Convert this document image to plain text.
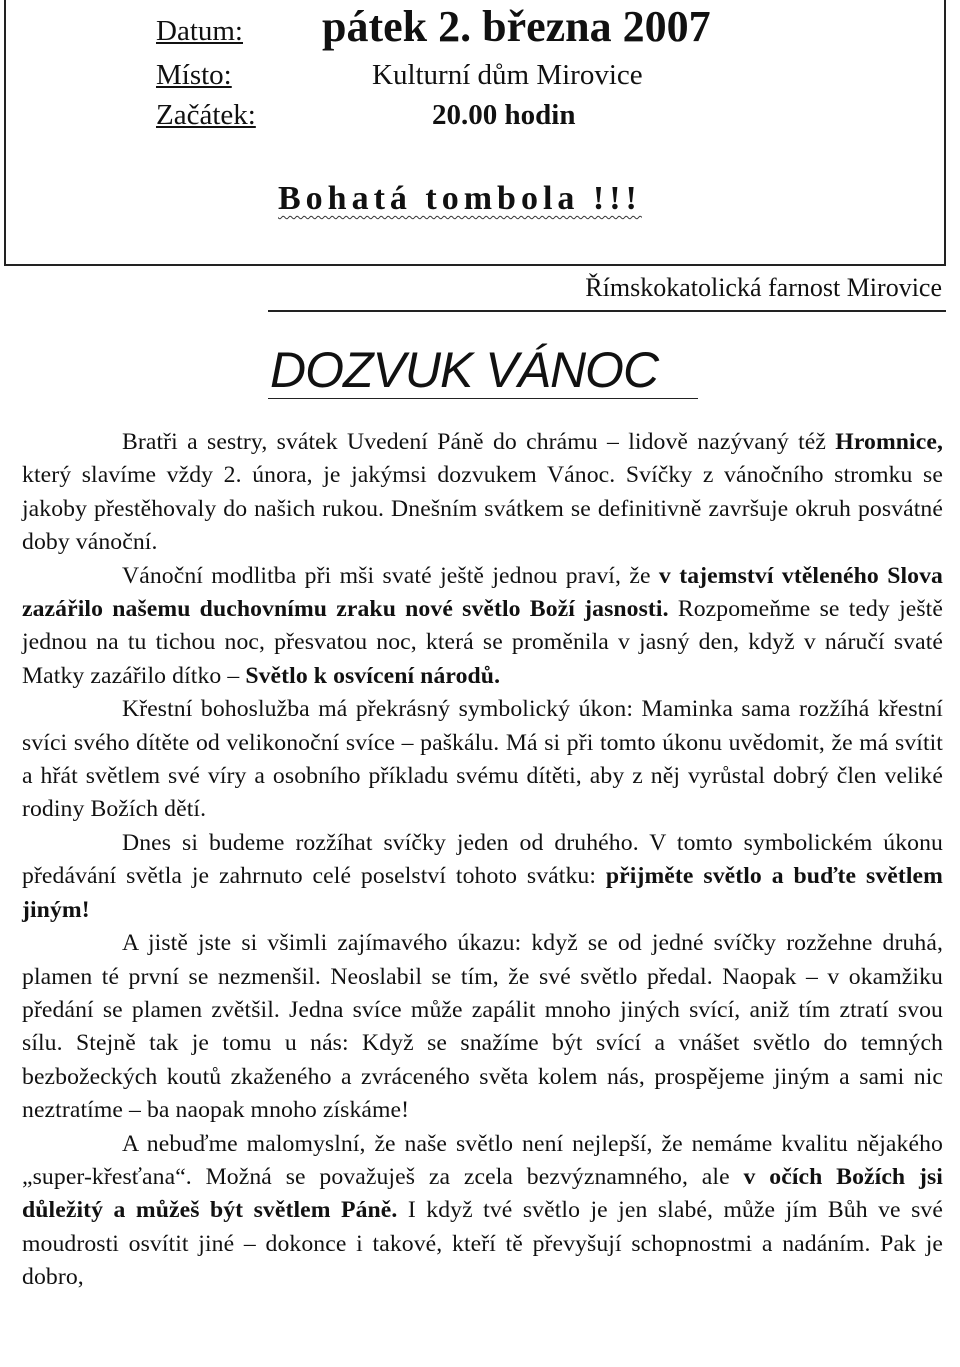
Datum: pátek 2. března 2007
Místo:	Kulturní dům Mirovice
Začátek:	20.00 hodin
Bohatá tombola !!!
Římskokatolická farnost Mirovice
DOZVUK VÁNOC

Bratři a sestry, svátek Uvedení Páně do chrámu – lidově nazývaný též Hromnice, který slavíme vždy 2. února, je jakýmsi dozvukem Vánoc. Svíčky z vánočního stromku se jakoby přestěhovaly do našich rukou. Dnešním svátkem se definitivně završuje okruh posvátné doby vánoční.

Vánoční modlitba při mši svaté ještě jednou praví, že v tajemství vtěleného Slova zazářilo našemu duchovnímu zraku nové světlo Boží jasnosti. Rozpomeňme se tedy ještě jednou na tu tichou noc, přesvatou noc, která se proměnila v jasný den, když v náručí svaté Matky zazářilo dítko – Světlo k osvícení národů.

Křestní bohoslužba má překrásný symbolický úkon: Maminka sama rozžíhá křestní svíci svého dítěte od velikonoční svíce – paškálu. Má si při tomto úkonu uvědomit, že má svítit a hřát světlem své víry a osobního příkladu svému dítěti, aby z něj vyrůstal dobrý člen veliké rodiny Božích dětí.

Dnes si budeme rozžíhat svíčky jeden od druhého. V tomto symbolickém úkonu předávání světla je zahrnuto celé poselství tohoto svátku: přijměte světlo a buďte světlem jiným!

A jistě jste si všimli zajímavého úkazu: když se od jedné svíčky rozžehne druhá, plamen té první se nezmenšil. Neoslabil se tím, že své světlo předal. Naopak – v okamžiku předání se plamen zvětšil. Jedna svíce může zapálit mnoho jiných svící, aniž tím ztratí svou sílu. Stejně tak je tomu u nás: Když se snažíme být svící a vnášet světlo do temných bezbožeckých koutů zkaženého a zvráceného světa kolem nás, prospějeme jiným a sami nic neztratíme – ba naopak mnoho získáme!

A nebuďme malomyslní, že naše světlo není nejlepší, že nemáme kvalitu nějakého „super-křesťana“. Možná se považuješ za zcela bezvýznamného, ale v očích Božích jsi důležitý a můžeš být světlem Páně. I když tvé světlo je jen slabé, může jím Bůh ve své moudrosti osvítit jiné – dokonce i takové, kteří tě převyšují schopnostmi a nadáním. Pak je dobro,
